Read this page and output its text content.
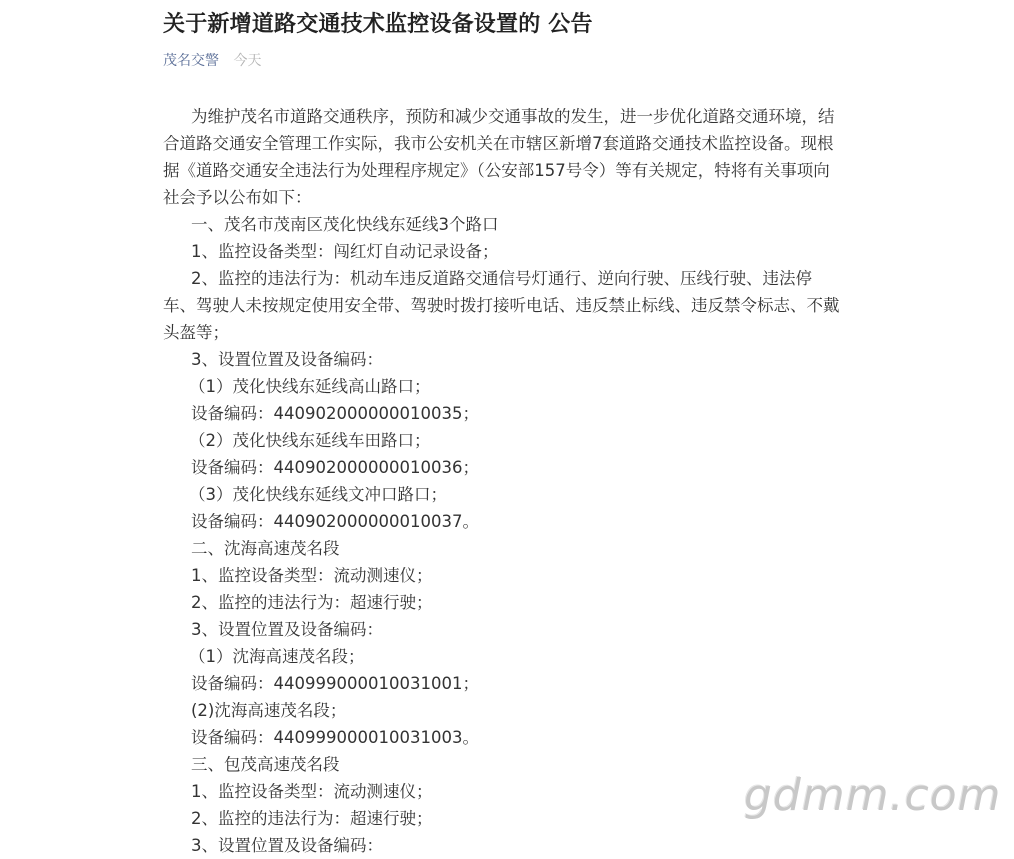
关于新增道路交通技术监控设备设置的 公告
茂名交警 今天

为维护茂名市道路交通秩序，预防和减少交通事故的发生，进一步优化道路交通环境，结合道路交通安全管理工作实际，我市公安机关在市辖区新增7套道路交通技术监控设备。现根据《道路交通安全违法行为处理程序规定》（公安部157号令）等有关规定，特将有关事项向社会予以公布如下：

一、茂名市茂南区茂化快线东延线3个路口

1、监控设备类型：闯红灯自动记录设备；

2、监控的违法行为：机动车违反道路交通信号灯通行、逆向行驶、压线行驶、违法停车、驾驶人未按规定使用安全带、驾驶时拨打接听电话、违反禁止标线、违反禁令标志、不戴头盔等；

3、设置位置及设备编码：

（1）茂化快线东延线高山路口；

设备编码：440902000000010035；

（2）茂化快线东延线车田路口；

设备编码：440902000000010036；

（3）茂化快线东延线文冲口路口；

设备编码：440902000000010037。

二、沈海高速茂名段

1、监控设备类型：流动测速仪；

2、监控的违法行为：超速行驶；

3、设置位置及设备编码：

（1）沈海高速茂名段；

设备编码：440999000010031001；

(2)沈海高速茂名段；

设备编码：440999000010031003。

三、包茂高速茂名段

1、监控设备类型：流动测速仪；

2、监控的违法行为：超速行驶；

3、设置位置及设备编码：

gdmm.com
